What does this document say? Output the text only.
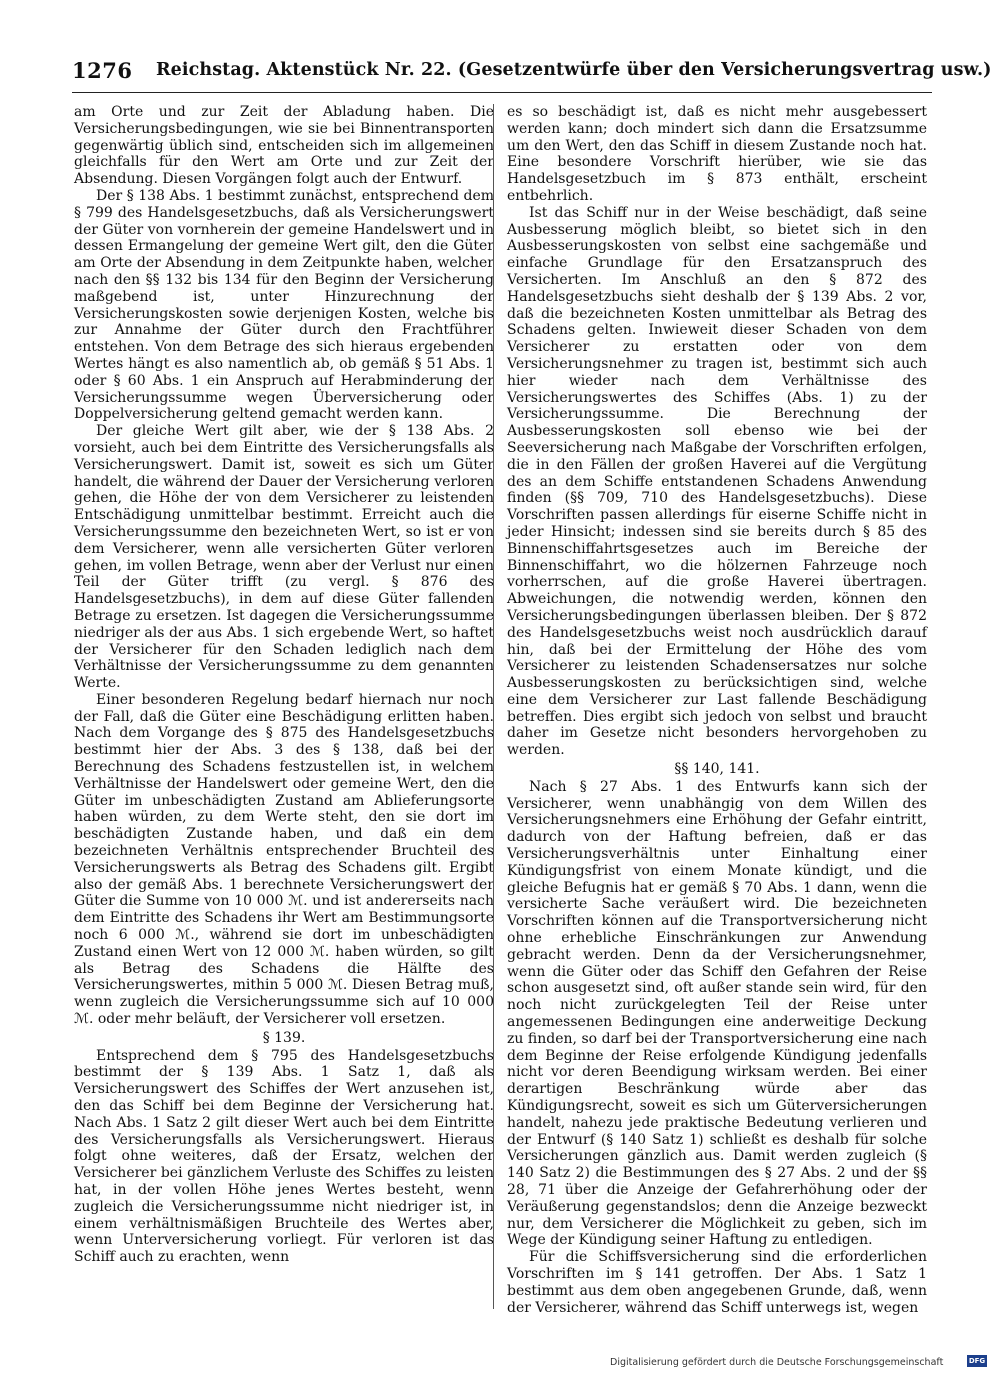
1276 Reichstag. Aktenstück Nr. 22. (Gesetzentwürfe über den Versicherungsvertrag usw.)

am Orte und zur Zeit der Abladung haben. Die Versicherungsbedingungen, wie sie bei Binnentransporten gegenwärtig üblich sind, entscheiden sich im allgemeinen gleichfalls für den Wert am Orte und zur Zeit der Absendung. Diesen Vorgängen folgt auch der Entwurf.

Der § 138 Abs. 1 bestimmt zunächst, entsprechend dem § 799 des Handelsgesetzbuchs, daß als Versicherungswert der Güter von vornherein der gemeine Handelswert und in dessen Ermangelung der gemeine Wert gilt, den die Güter am Orte der Absendung in dem Zeitpunkte haben, welcher nach den §§ 132 bis 134 für den Beginn der Versicherung maßgebend ist, unter Hinzurechnung der Versicherungskosten sowie derjenigen Kosten, welche bis zur Annahme der Güter durch den Frachtführer entstehen. Von dem Betrage des sich hieraus ergebenden Wertes hängt es also namentlich ab, ob gemäß § 51 Abs. 1 oder § 60 Abs. 1 ein Anspruch auf Herabminderung der Versicherungssumme wegen Überversicherung oder Doppelversicherung geltend gemacht werden kann.

Der gleiche Wert gilt aber, wie der § 138 Abs. 2 vorsieht, auch bei dem Eintritte des Versicherungsfalls als Versicherungswert. Damit ist, soweit es sich um Güter handelt, die während der Dauer der Versicherung verloren gehen, die Höhe der von dem Versicherer zu leistenden Entschädigung unmittelbar bestimmt. Erreicht auch die Versicherungssumme den bezeichneten Wert, so ist er von dem Versicherer, wenn alle versicherten Güter verloren gehen, im vollen Betrage, wenn aber der Verlust nur einen Teil der Güter trifft (zu vergl. § 876 des Handelsgesetzbuchs), in dem auf diese Güter fallenden Betrage zu ersetzen. Ist dagegen die Versicherungssumme niedriger als der aus Abs. 1 sich ergebende Wert, so haftet der Versicherer für den Schaden lediglich nach dem Verhältnisse der Versicherungssumme zu dem genannten Werte.

Einer besonderen Regelung bedarf hiernach nur noch der Fall, daß die Güter eine Beschädigung erlitten haben. Nach dem Vorgange des § 875 des Handelsgesetzbuchs bestimmt hier der Abs. 3 des § 138, daß bei der Berechnung des Schadens festzustellen ist, in welchem Verhältnisse der Handelswert oder gemeine Wert, den die Güter im unbeschädigten Zustand am Ablieferungsorte haben würden, zu dem Werte steht, den sie dort im beschädigten Zustande haben, und daß ein dem bezeichneten Verhältnis entsprechender Bruchteil des Versicherungswerts als Betrag des Schadens gilt. Ergibt also der gemäß Abs. 1 berechnete Versicherungswert der Güter die Summe von 10 000 ℳ. und ist andererseits nach dem Eintritte des Schadens ihr Wert am Bestimmungsorte noch 6 000 ℳ., während sie dort im unbeschädigten Zustand einen Wert von 12 000 ℳ. haben würden, so gilt als Betrag des Schadens die Hälfte des Versicherungswertes, mithin 5 000 ℳ. Diesen Betrag muß, wenn zugleich die Versicherungssumme sich auf 10 000 ℳ. oder mehr beläuft, der Versicherer voll ersetzen.

§ 139.

Entsprechend dem § 795 des Handelsgesetzbuchs bestimmt der § 139 Abs. 1 Satz 1, daß als Versicherungswert des Schiffes der Wert anzusehen ist, den das Schiff bei dem Beginne der Versicherung hat. Nach Abs. 1 Satz 2 gilt dieser Wert auch bei dem Eintritte des Versicherungsfalls als Versicherungswert. Hieraus folgt ohne weiteres, daß der Ersatz, welchen der Versicherer bei gänzlichem Verluste des Schiffes zu leisten hat, in der vollen Höhe jenes Wertes besteht, wenn zugleich die Versicherungssumme nicht niedriger ist, in einem verhältnismäßigen Bruchteile des Wertes aber, wenn Unterversicherung vorliegt. Für verloren ist das Schiff auch zu erachten, wenn

es so beschädigt ist, daß es nicht mehr ausgebessert werden kann; doch mindert sich dann die Ersatzsumme um den Wert, den das Schiff in diesem Zustande noch hat. Eine besondere Vorschrift hierüber, wie sie das Handelsgesetzbuch im § 873 enthält, erscheint entbehrlich.

Ist das Schiff nur in der Weise beschädigt, daß seine Ausbesserung möglich bleibt, so bietet sich in den Ausbesserungskosten von selbst eine sachgemäße und einfache Grundlage für den Ersatzanspruch des Versicherten. Im Anschluß an den § 872 des Handelsgesetzbuchs sieht deshalb der § 139 Abs. 2 vor, daß die bezeichneten Kosten unmittelbar als Betrag des Schadens gelten. Inwieweit dieser Schaden von dem Versicherer zu erstatten oder von dem Versicherungsnehmer zu tragen ist, bestimmt sich auch hier wieder nach dem Verhältnisse des Versicherungswertes des Schiffes (Abs. 1) zu der Versicherungssumme. Die Berechnung der Ausbesserungskosten soll ebenso wie bei der Seeversicherung nach Maßgabe der Vorschriften erfolgen, die in den Fällen der großen Haverei auf die Vergütung des an dem Schiffe entstandenen Schadens Anwendung finden (§§ 709, 710 des Handelsgesetzbuchs). Diese Vorschriften passen allerdings für eiserne Schiffe nicht in jeder Hinsicht; indessen sind sie bereits durch § 85 des Binnenschiffahrtsgesetzes auch im Bereiche der Binnenschiffahrt, wo die hölzernen Fahrzeuge noch vorherrschen, auf die große Haverei übertragen. Abweichungen, die notwendig werden, können den Versicherungsbedingungen überlassen bleiben. Der § 872 des Handelsgesetzbuchs weist noch ausdrücklich darauf hin, daß bei der Ermittelung der Höhe des vom Versicherer zu leistenden Schadensersatzes nur solche Ausbesserungskosten zu berücksichtigen sind, welche eine dem Versicherer zur Last fallende Beschädigung betreffen. Dies ergibt sich jedoch von selbst und braucht daher im Gesetze nicht besonders hervorgehoben zu werden.

§§ 140, 141.

Nach § 27 Abs. 1 des Entwurfs kann sich der Versicherer, wenn unabhängig von dem Willen des Versicherungsnehmers eine Erhöhung der Gefahr eintritt, dadurch von der Haftung befreien, daß er das Versicherungsverhältnis unter Einhaltung einer Kündigungsfrist von einem Monate kündigt, und die gleiche Befugnis hat er gemäß § 70 Abs. 1 dann, wenn die versicherte Sache veräußert wird. Die bezeichneten Vorschriften können auf die Transportversicherung nicht ohne erhebliche Einschränkungen zur Anwendung gebracht werden. Denn da der Versicherungsnehmer, wenn die Güter oder das Schiff den Gefahren der Reise schon ausgesetzt sind, oft außer stande sein wird, für den noch nicht zurückgelegten Teil der Reise unter angemessenen Bedingungen eine anderweitige Deckung zu finden, so darf bei der Transportversicherung eine nach dem Beginne der Reise erfolgende Kündigung jedenfalls nicht vor deren Beendigung wirksam werden. Bei einer derartigen Beschränkung würde aber das Kündigungsrecht, soweit es sich um Güterversicherungen handelt, nahezu jede praktische Bedeutung verlieren und der Entwurf (§ 140 Satz 1) schließt es deshalb für solche Versicherungen gänzlich aus. Damit werden zugleich (§ 140 Satz 2) die Bestimmungen des § 27 Abs. 2 und der §§ 28, 71 über die Anzeige der Gefahrerhöhung oder der Veräußerung gegenstandslos; denn die Anzeige bezweckt nur, dem Versicherer die Möglichkeit zu geben, sich im Wege der Kündigung seiner Haftung zu entledigen.

Für die Schiffsversicherung sind die erforderlichen Vorschriften im § 141 getroffen. Der Abs. 1 Satz 1 bestimmt aus dem oben angegebenen Grunde, daß, wenn der Versicherer, während das Schiff unterwegs ist, wegen

Digitalisierung gefördert durch die Deutsche Forschungsgemeinschaft	DFG
